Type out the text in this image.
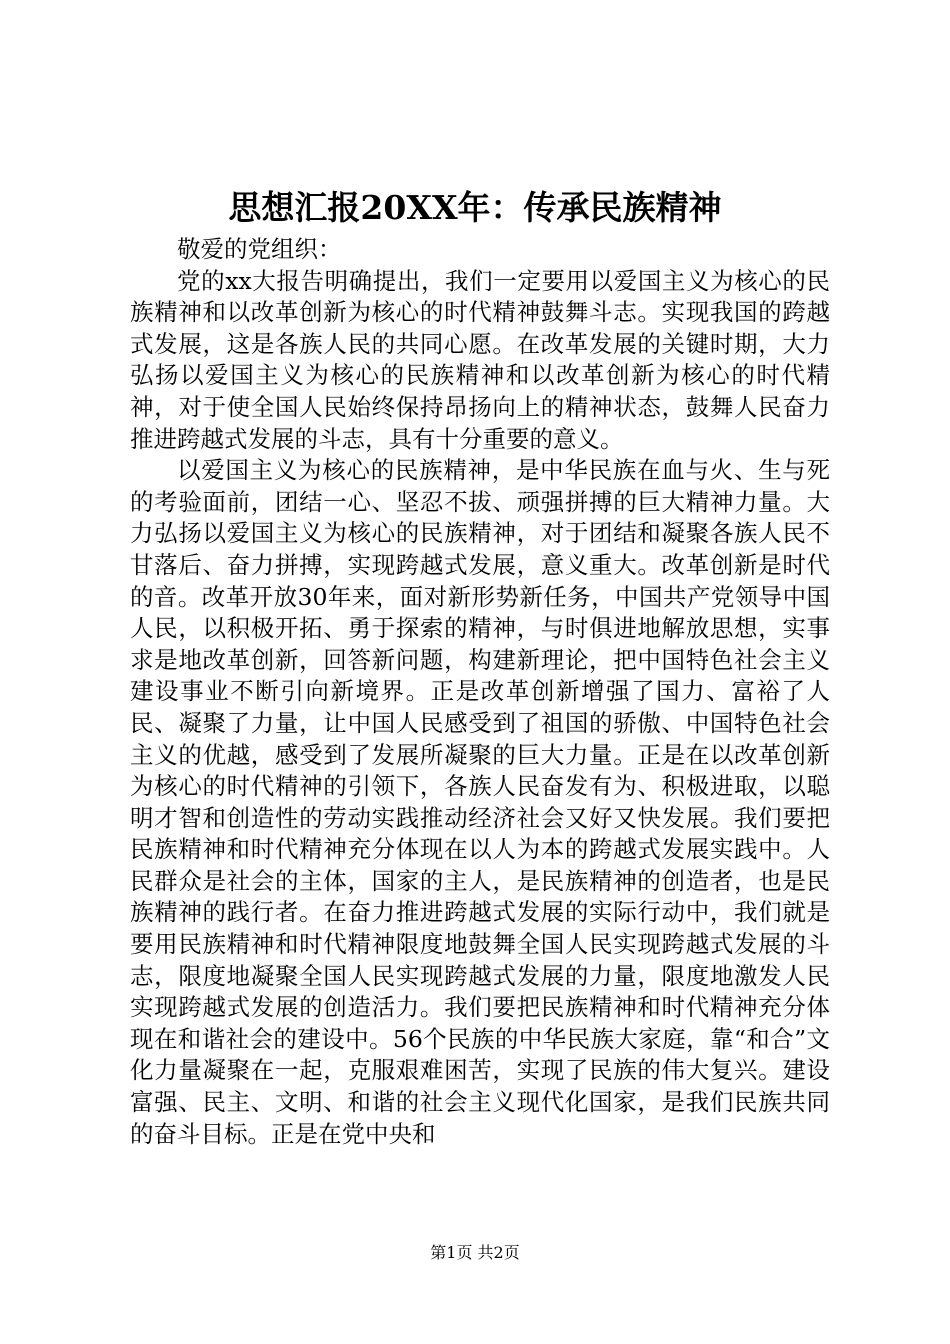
思想汇报20XX年：传承民族精神

敬爱的党组织：

党的xx大报告明确提出，我们一定要用以爱国主义为核心的民族精神和以改革创新为核心的时代精神鼓舞斗志。实现我国的跨越式发展，这是各族人民的共同心愿。在改革发展的关键时期，大力弘扬以爱国主义为核心的民族精神和以改革创新为核心的时代精神，对于使全国人民始终保持昂扬向上的精神状态，鼓舞人民奋力推进跨越式发展的斗志，具有十分重要的意义。

以爱国主义为核心的民族精神，是中华民族在血与火、生与死的考验面前，团结一心、坚忍不拔、顽强拼搏的巨大精神力量。大力弘扬以爱国主义为核心的民族精神，对于团结和凝聚各族人民不甘落后、奋力拼搏，实现跨越式发展，意义重大。改革创新是时代的音。改革开放30年来，面对新形势新任务，中国共产党领导中国人民，以积极开拓、勇于探索的精神，与时俱进地解放思想，实事求是地改革创新，回答新问题，构建新理论，把中国特色社会主义建设事业不断引向新境界。正是改革创新增强了国力、富裕了人民、凝聚了力量，让中国人民感受到了祖国的骄傲、中国特色社会主义的优越，感受到了发展所凝聚的巨大力量。正是在以改革创新为核心的时代精神的引领下，各族人民奋发有为、积极进取，以聪明才智和创造性的劳动实践推动经济社会又好又快发展。我们要把民族精神和时代精神充分体现在以人为本的跨越式发展实践中。人民群众是社会的主体，国家的主人，是民族精神的创造者，也是民族精神的践行者。在奋力推进跨越式发展的实际行动中，我们就是要用民族精神和时代精神限度地鼓舞全国人民实现跨越式发展的斗志，限度地凝聚全国人民实现跨越式发展的力量，限度地激发人民实现跨越式发展的创造活力。我们要把民族精神和时代精神充分体现在和谐社会的建设中。56个民族的中华民族大家庭，靠“和合”文化力量凝聚在一起，克服艰难困苦，实现了民族的伟大复兴。建设富强、民主、文明、和谐的社会主义现代化国家，是我们民族共同的奋斗目标。正是在党中央和

第1页 共2页
